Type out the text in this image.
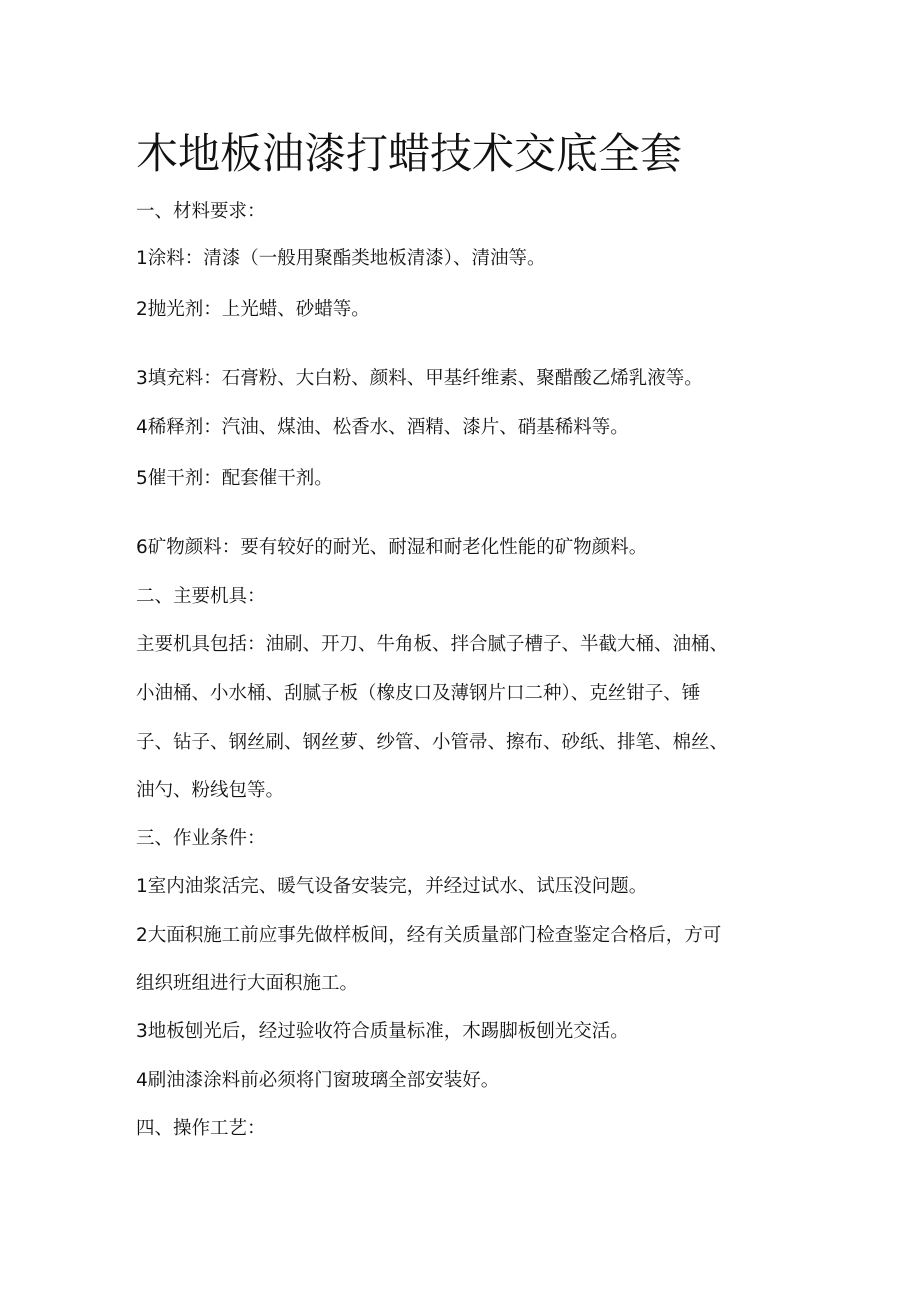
木地板油漆打蜡技术交底全套
一、材料要求：
1涂料：清漆（一般用聚酯类地板清漆）、清油等。
2抛光剂：上光蜡、砂蜡等。
3填充料：石膏粉、大白粉、颜料、甲基纤维素、聚醋酸乙烯乳液等。
4稀释剂：汽油、煤油、松香水、酒精、漆片、硝基稀料等。
5催干剂：配套催干剂。
6矿物颜料：要有较好的耐光、耐湿和耐老化性能的矿物颜料。
二、主要机具：
主要机具包括：油刷、开刀、牛角板、拌合腻子槽子、半截大桶、油桶、
小油桶、小水桶、刮腻子板（橡皮口及薄钢片口二种）、克丝钳子、锤
子、钻子、钢丝刷、钢丝萝、纱管、小管帚、擦布、砂纸、排笔、棉丝、
油勺、粉线包等。
三、作业条件：
1室内油浆活完、暖气设备安装完，并经过试水、试压没问题。
2大面积施工前应事先做样板间，经有关质量部门检查鉴定合格后，方可
组织班组进行大面积施工。
3地板刨光后，经过验收符合质量标准，木踢脚板刨光交活。
4刷油漆涂料前必须将门窗玻璃全部安装好。
四、操作工艺：
